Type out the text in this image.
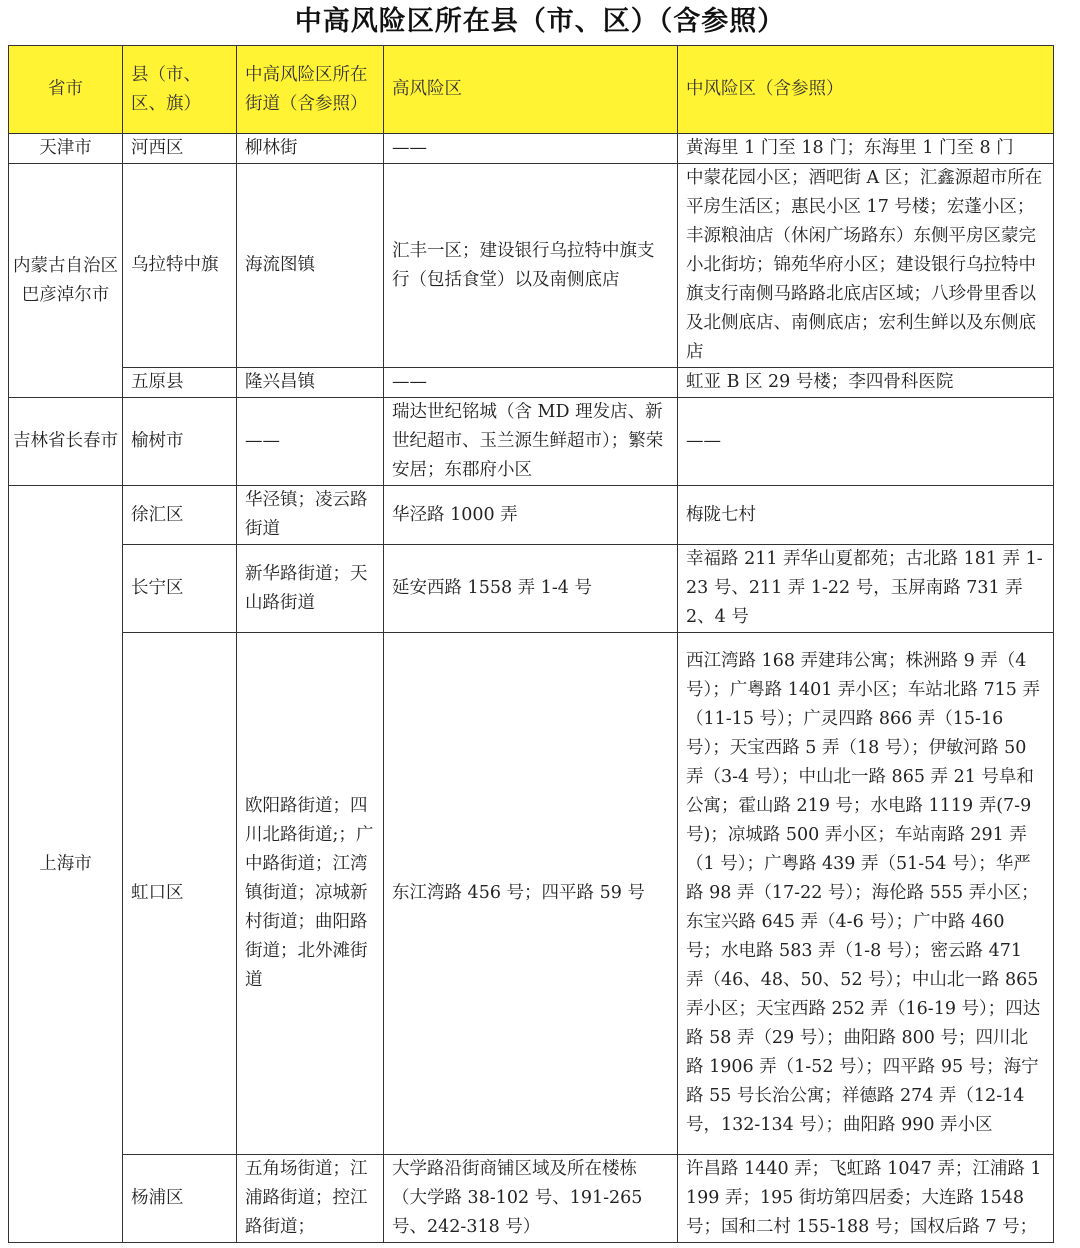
中高风险区所在县（市、区）（含参照）
省市	县（市、区、旗）	中高风险区所在街道（含参照）	高风险区	中风险区（含参照）
天津市	河西区	柳林街	——	黄海里 1 门至 18 门；东海里 1 门至 8 门
内蒙古自治区巴彦淖尔市	乌拉特中旗	海流图镇	汇丰一区；建设银行乌拉特中旗支行（包括食堂）以及南侧底店	中蒙花园小区；酒吧街 A 区；汇鑫源超市所在平房生活区；惠民小区 17 号楼；宏蓬小区；丰源粮油店（休闲广场路东）东侧平房区蒙完小北街坊；锦苑华府小区；建设银行乌拉特中旗支行南侧马路路北底店区域；八珍骨里香以及北侧底店、南侧底店；宏利生鲜以及东侧底店
	五原县	隆兴昌镇	——	虹亚 B 区 29 号楼；李四骨科医院
吉林省长春市	榆树市	——	瑞达世纪铭城（含 MD 理发店、新世纪超市、玉兰源生鲜超市）；繁荣安居；东郡府小区	——
上海市	徐汇区	华泾镇；凌云路街道	华泾路 1000 弄	梅陇七村
	长宁区	新华路街道；天山路街道	延安西路 1558 弄 1-4 号	幸福路 211 弄华山夏都苑；古北路 181 弄 1-23 号、211 弄 1-22 号，玉屏南路 731 弄 2、4 号
	虹口区	欧阳路街道；四川北路街道;；广中路街道；江湾镇街道；凉城新村街道；曲阳路街道；北外滩街道	东江湾路 456 号；四平路 59 号	西江湾路 168 弄建玮公寓；株洲路 9 弄（4 号）；广粤路 1401 弄小区；车站北路 715 弄（11-15 号）；广灵四路 866 弄（15-16 号）；天宝西路 5 弄（18 号）；伊敏河路 50 弄（3-4 号）；中山北一路 865 弄 21 号阜和公寓；霍山路 219 号；水电路 1119 弄(7-9 号)；凉城路 500 弄小区；车站南路 291 弄（1 号）；广粤路 439 弄（51-54 号）；华严路 98 弄（17-22 号）；海伦路 555 弄小区；东宝兴路 645 弄（4-6 号）；广中路 460 号；水电路 583 弄（1-8 号）；密云路 471 弄（46、48、50、52 号）；中山北一路 865 弄小区；天宝西路 252 弄（16-19 号）；四达路 58 弄（29 号）；曲阳路 800 号；四川北路 1906 弄（1-52 号）；四平路 95 号；海宁路 55 号长治公寓；祥德路 274 弄（12-14 号，132-134 号）；曲阳路 990 弄小区
	杨浦区	五角场街道；江浦路街道；控江路街道；	大学路沿街商铺区域及所在楼栋（大学路 38-102 号、191-265 号、242-318 号）	许昌路 1440 弄；飞虹路 1047 弄；江浦路 1199 弄；195 街坊第四居委；大连路 1548 号；国和二村 155-188 号；国权后路 7 号；
